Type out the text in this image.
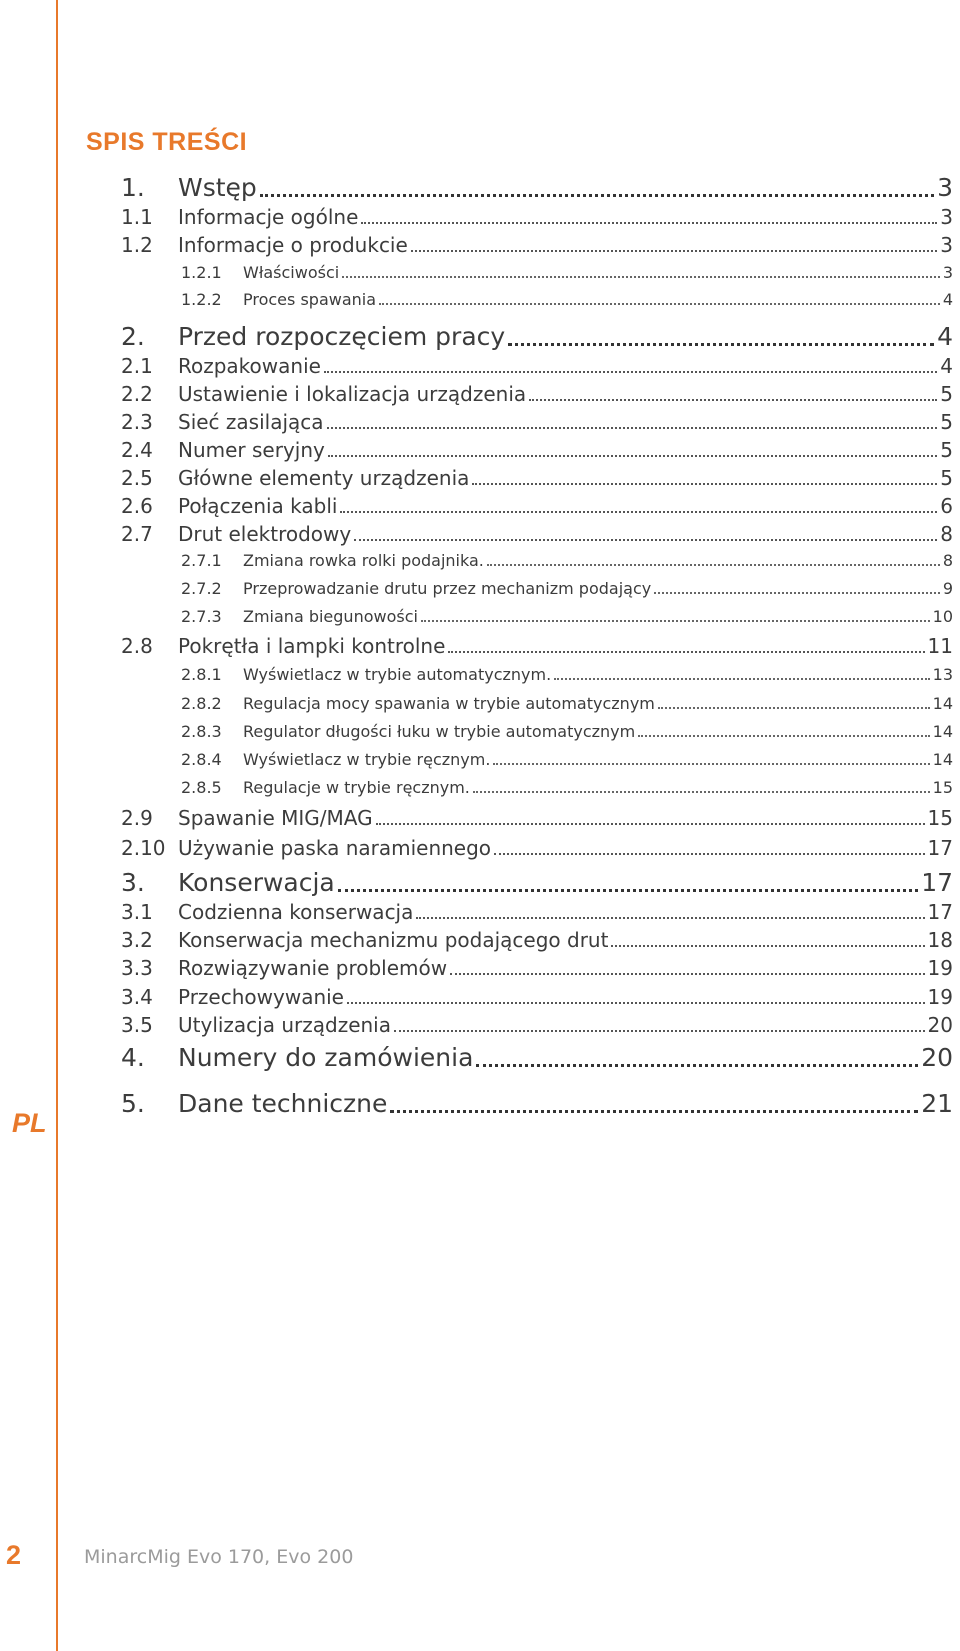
PL
SPIS TREŚCI
1.	Wstęp	3
1.1	Informacje ogólne	3
1.2	Informacje o produkcie	3
1.2.1	Właściwości	3
1.2.2	Proces spawania	4
2.	Przed rozpoczęciem pracy	4
2.1	Rozpakowanie	4
2.2	Ustawienie i lokalizacja urządzenia	5
2.3	Sieć zasilająca	5
2.4	Numer seryjny	5
2.5	Główne elementy urządzenia	5
2.6	Połączenia kabli	6
2.7	Drut elektrodowy	8
2.7.1	Zmiana rowka rolki podajnika.	8
2.7.2	Przeprowadzanie drutu przez mechanizm podający	9
2.7.3	Zmiana biegunowości	10
2.8	Pokrętła i lampki kontrolne	11
2.8.1	Wyświetlacz w trybie automatycznym.	13
2.8.2	Regulacja mocy spawania w trybie automatycznym	14
2.8.3	Regulator długości łuku w trybie automatycznym	14
2.8.4	Wyświetlacz w trybie ręcznym.	14
2.8.5	Regulacje w trybie ręcznym.	15
2.9	Spawanie MIG/MAG	15
2.10 Używanie paska naramiennego	17
3.	Konserwacja	17
3.1	Codzienna konserwacja	17
3.2	Konserwacja mechanizmu podającego drut	18
3.3	Rozwiązywanie problemów	19
3.4	Przechowywanie	19
3.5	Utylizacja urządzenia	20
4.	Numery do zamówienia	20
5.	Dane techniczne	21
2	MinarcMig Evo 170, Evo 200
